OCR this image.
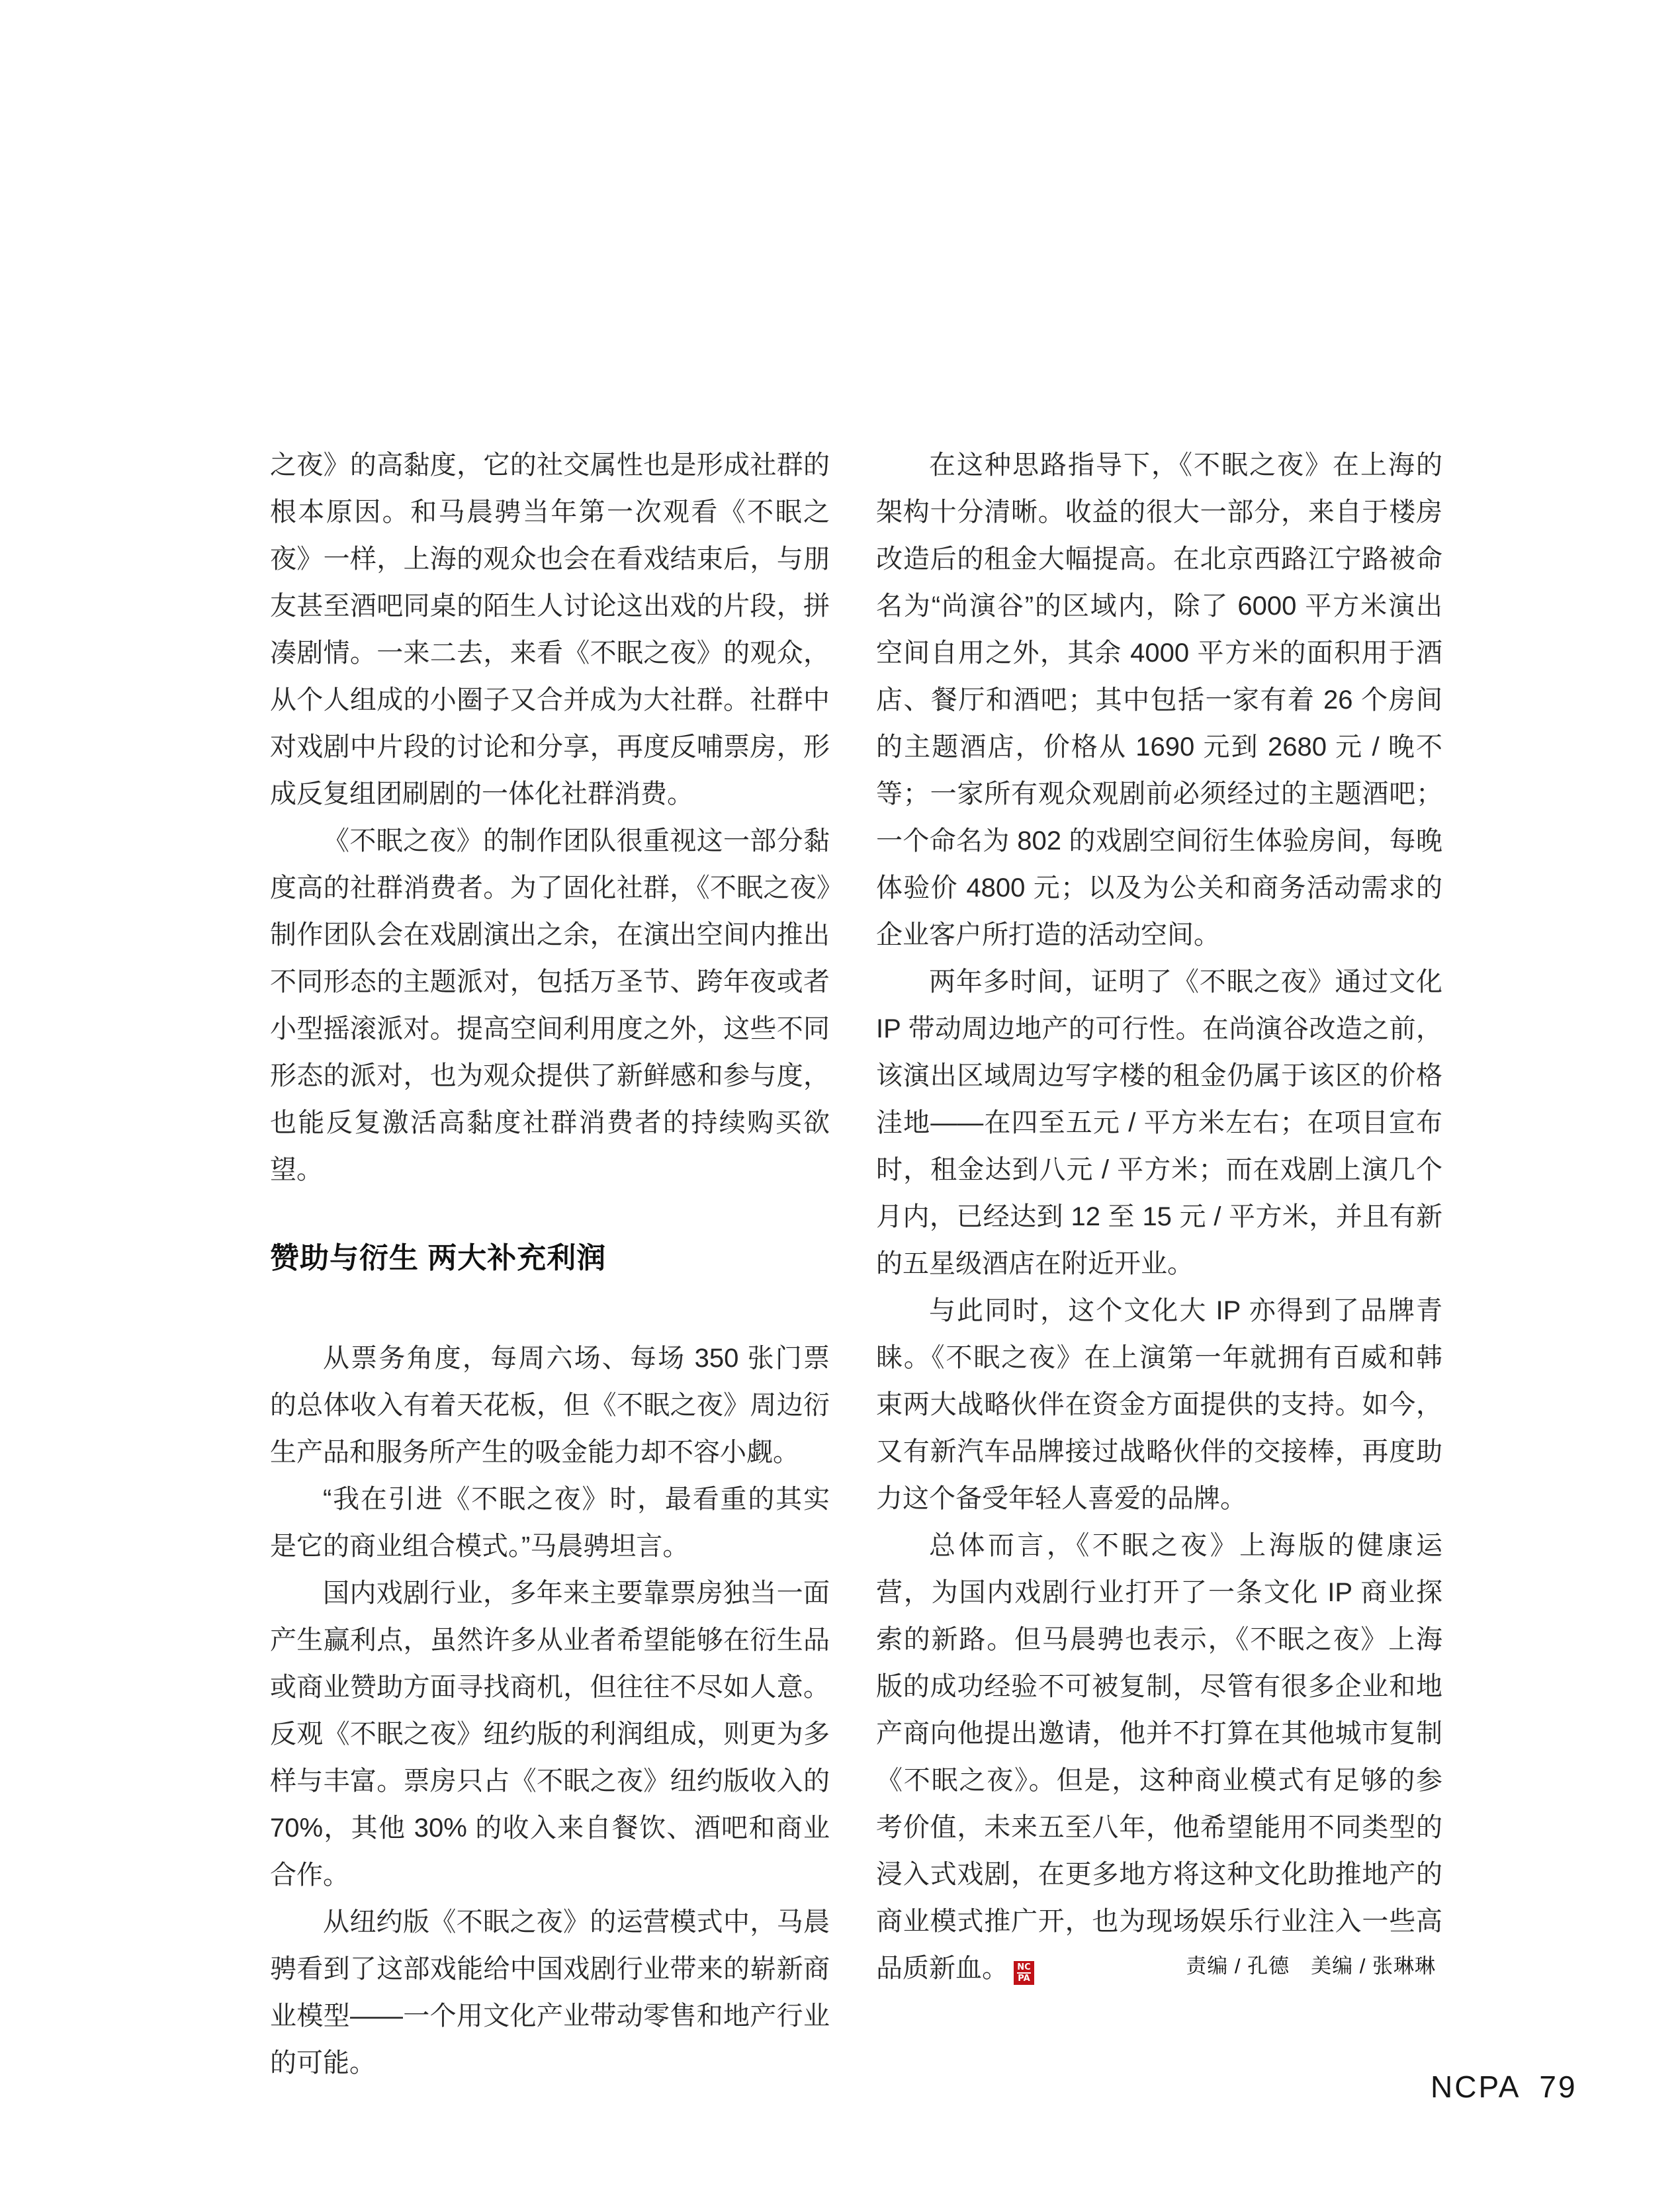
之夜》的高黏度，它的社交属性也是形成社群的根本原因。和马晨骋当年第一次观看《不眠之夜》一样，上海的观众也会在看戏结束后，与朋友甚至酒吧同桌的陌生人讨论这出戏的片段，拼凑剧情。一来二去，来看《不眠之夜》的观众，从个人组成的小圈子又合并成为大社群。社群中对戏剧中片段的讨论和分享，再度反哺票房，形成反复组团刷剧的一体化社群消费。

《不眠之夜》的制作团队很重视这一部分黏度高的社群消费者。为了固化社群，《不眠之夜》制作团队会在戏剧演出之余，在演出空间内推出不同形态的主题派对，包括万圣节、跨年夜或者小型摇滚派对。提高空间利用度之外，这些不同形态的派对，也为观众提供了新鲜感和参与度，也能反复激活高黏度社群消费者的持续购买欲望。

赞助与衍生 两大补充利润

从票务角度，每周六场、每场 350 张门票的总体收入有着天花板，但《不眠之夜》周边衍生产品和服务所产生的吸金能力却不容小觑。

“我在引进《不眠之夜》时，最看重的其实是它的商业组合模式。”马晨骋坦言。

国内戏剧行业，多年来主要靠票房独当一面产生赢利点，虽然许多从业者希望能够在衍生品或商业赞助方面寻找商机，但往往不尽如人意。反观《不眠之夜》纽约版的利润组成，则更为多样与丰富。票房只占《不眠之夜》纽约版收入的 70%，其他 30% 的收入来自餐饮、酒吧和商业合作。

从纽约版《不眠之夜》的运营模式中，马晨骋看到了这部戏能给中国戏剧行业带来的崭新商业模型——一个用文化产业带动零售和地产行业的可能。

在这种思路指导下，《不眠之夜》在上海的架构十分清晰。收益的很大一部分，来自于楼房改造后的租金大幅提高。在北京西路江宁路被命名为“尚演谷”的区域内，除了 6000 平方米演出空间自用之外，其余 4000 平方米的面积用于酒店、餐厅和酒吧；其中包括一家有着 26 个房间的主题酒店，价格从 1690 元到 2680 元 / 晚不等；一家所有观众观剧前必须经过的主题酒吧；一个命名为 802 的戏剧空间衍生体验房间，每晚体验价 4800 元；以及为公关和商务活动需求的企业客户所打造的活动空间。

两年多时间，证明了《不眠之夜》通过文化 IP 带动周边地产的可行性。在尚演谷改造之前，该演出区域周边写字楼的租金仍属于该区的价格洼地——在四至五元 / 平方米左右；在项目宣布时，租金达到八元 / 平方米；而在戏剧上演几个月内，已经达到 12 至 15 元 / 平方米，并且有新的五星级酒店在附近开业。

与此同时，这个文化大 IP 亦得到了品牌青睐。《不眠之夜》在上演第一年就拥有百威和韩束两大战略伙伴在资金方面提供的支持。如今，又有新汽车品牌接过战略伙伴的交接棒，再度助力这个备受年轻人喜爱的品牌。

总体而言，《不眠之夜》上海版的健康运营，为国内戏剧行业打开了一条文化 IP 商业探索的新路。但马晨骋也表示，《不眠之夜》上海版的成功经验不可被复制，尽管有很多企业和地产商向他提出邀请，他并不打算在其他城市复制《不眠之夜》。但是，这种商业模式有足够的参考价值，未来五至八年，他希望能用不同类型的浸入式戏剧，在更多地方将这种文化助推地产的商业模式推广开，也为现场娱乐行业注入一些高品质新血。 $\frac{NC}{PA}$	责编 / 孔德　美编 / 张琳琳
NCPA 79
